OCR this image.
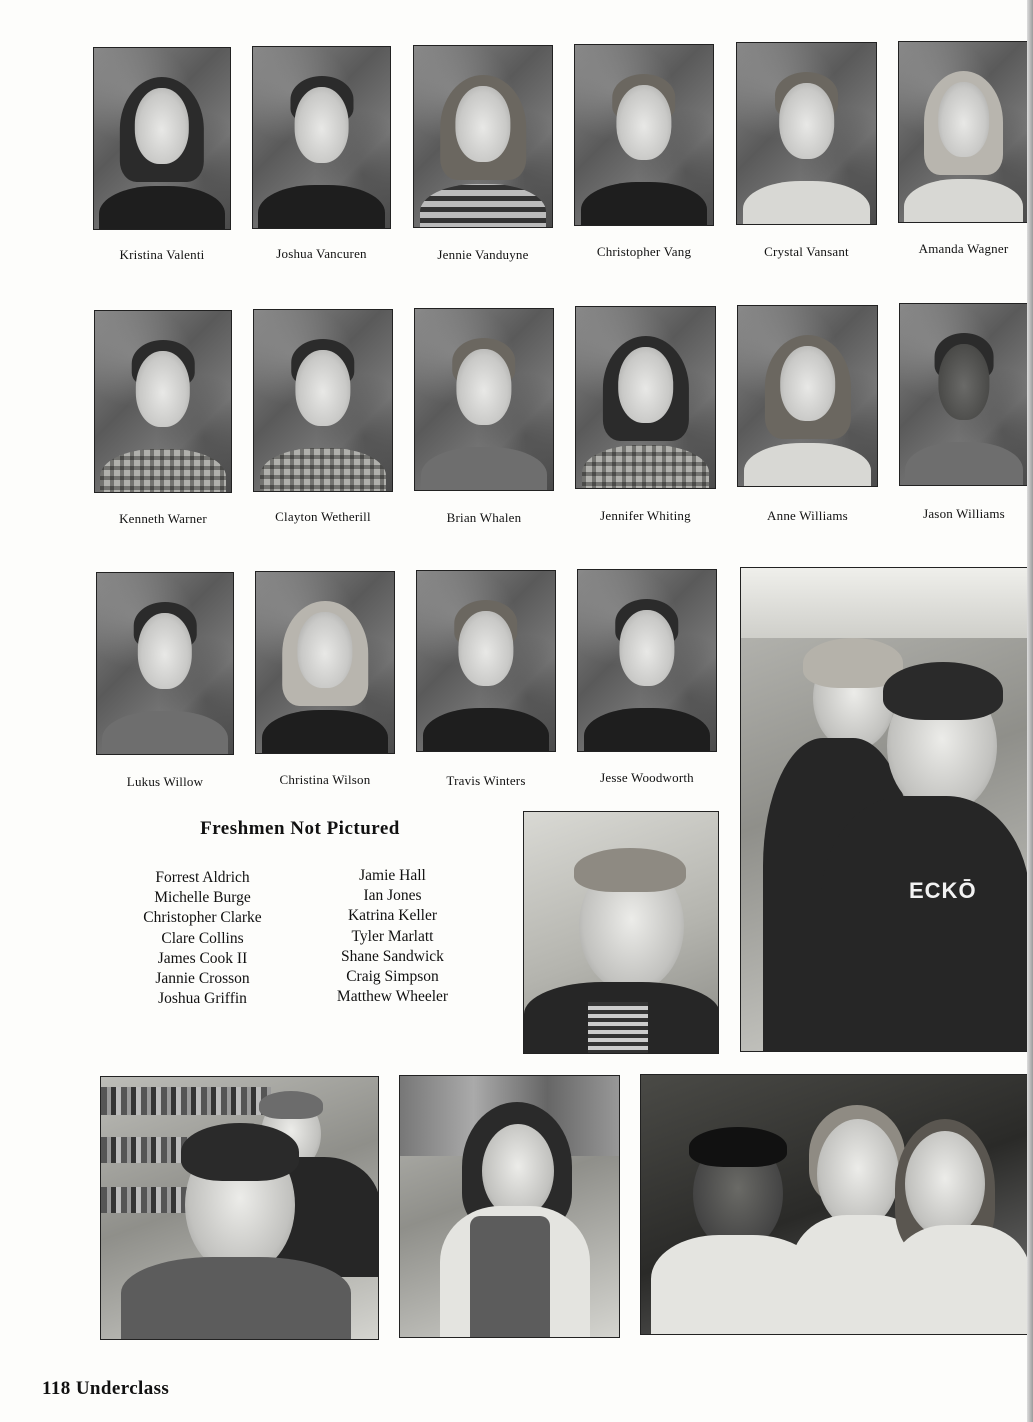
Kristina Valenti	Joshua Vancuren	Jennie Vanduyne	Christopher Vang	Crystal Vansant	Amanda Wagner
Kenneth Warner	Clayton Wetherill	Brian Whalen	Jennifer Whiting	Anne Williams	Jason Williams
Lukus Willow	Christina Wilson	Travis Winters	Jesse Woodworth
ECKŌ
Freshmen Not Pictured
Forrest Aldrich
Michelle Burge
Christopher Clarke
Clare Collins
James Cook II
Jannie Crosson
Joshua Griffin
Jamie Hall
Ian Jones
Katrina Keller
Tyler Marlatt
Shane Sandwick
Craig Simpson
Matthew Wheeler
118 Underclass
